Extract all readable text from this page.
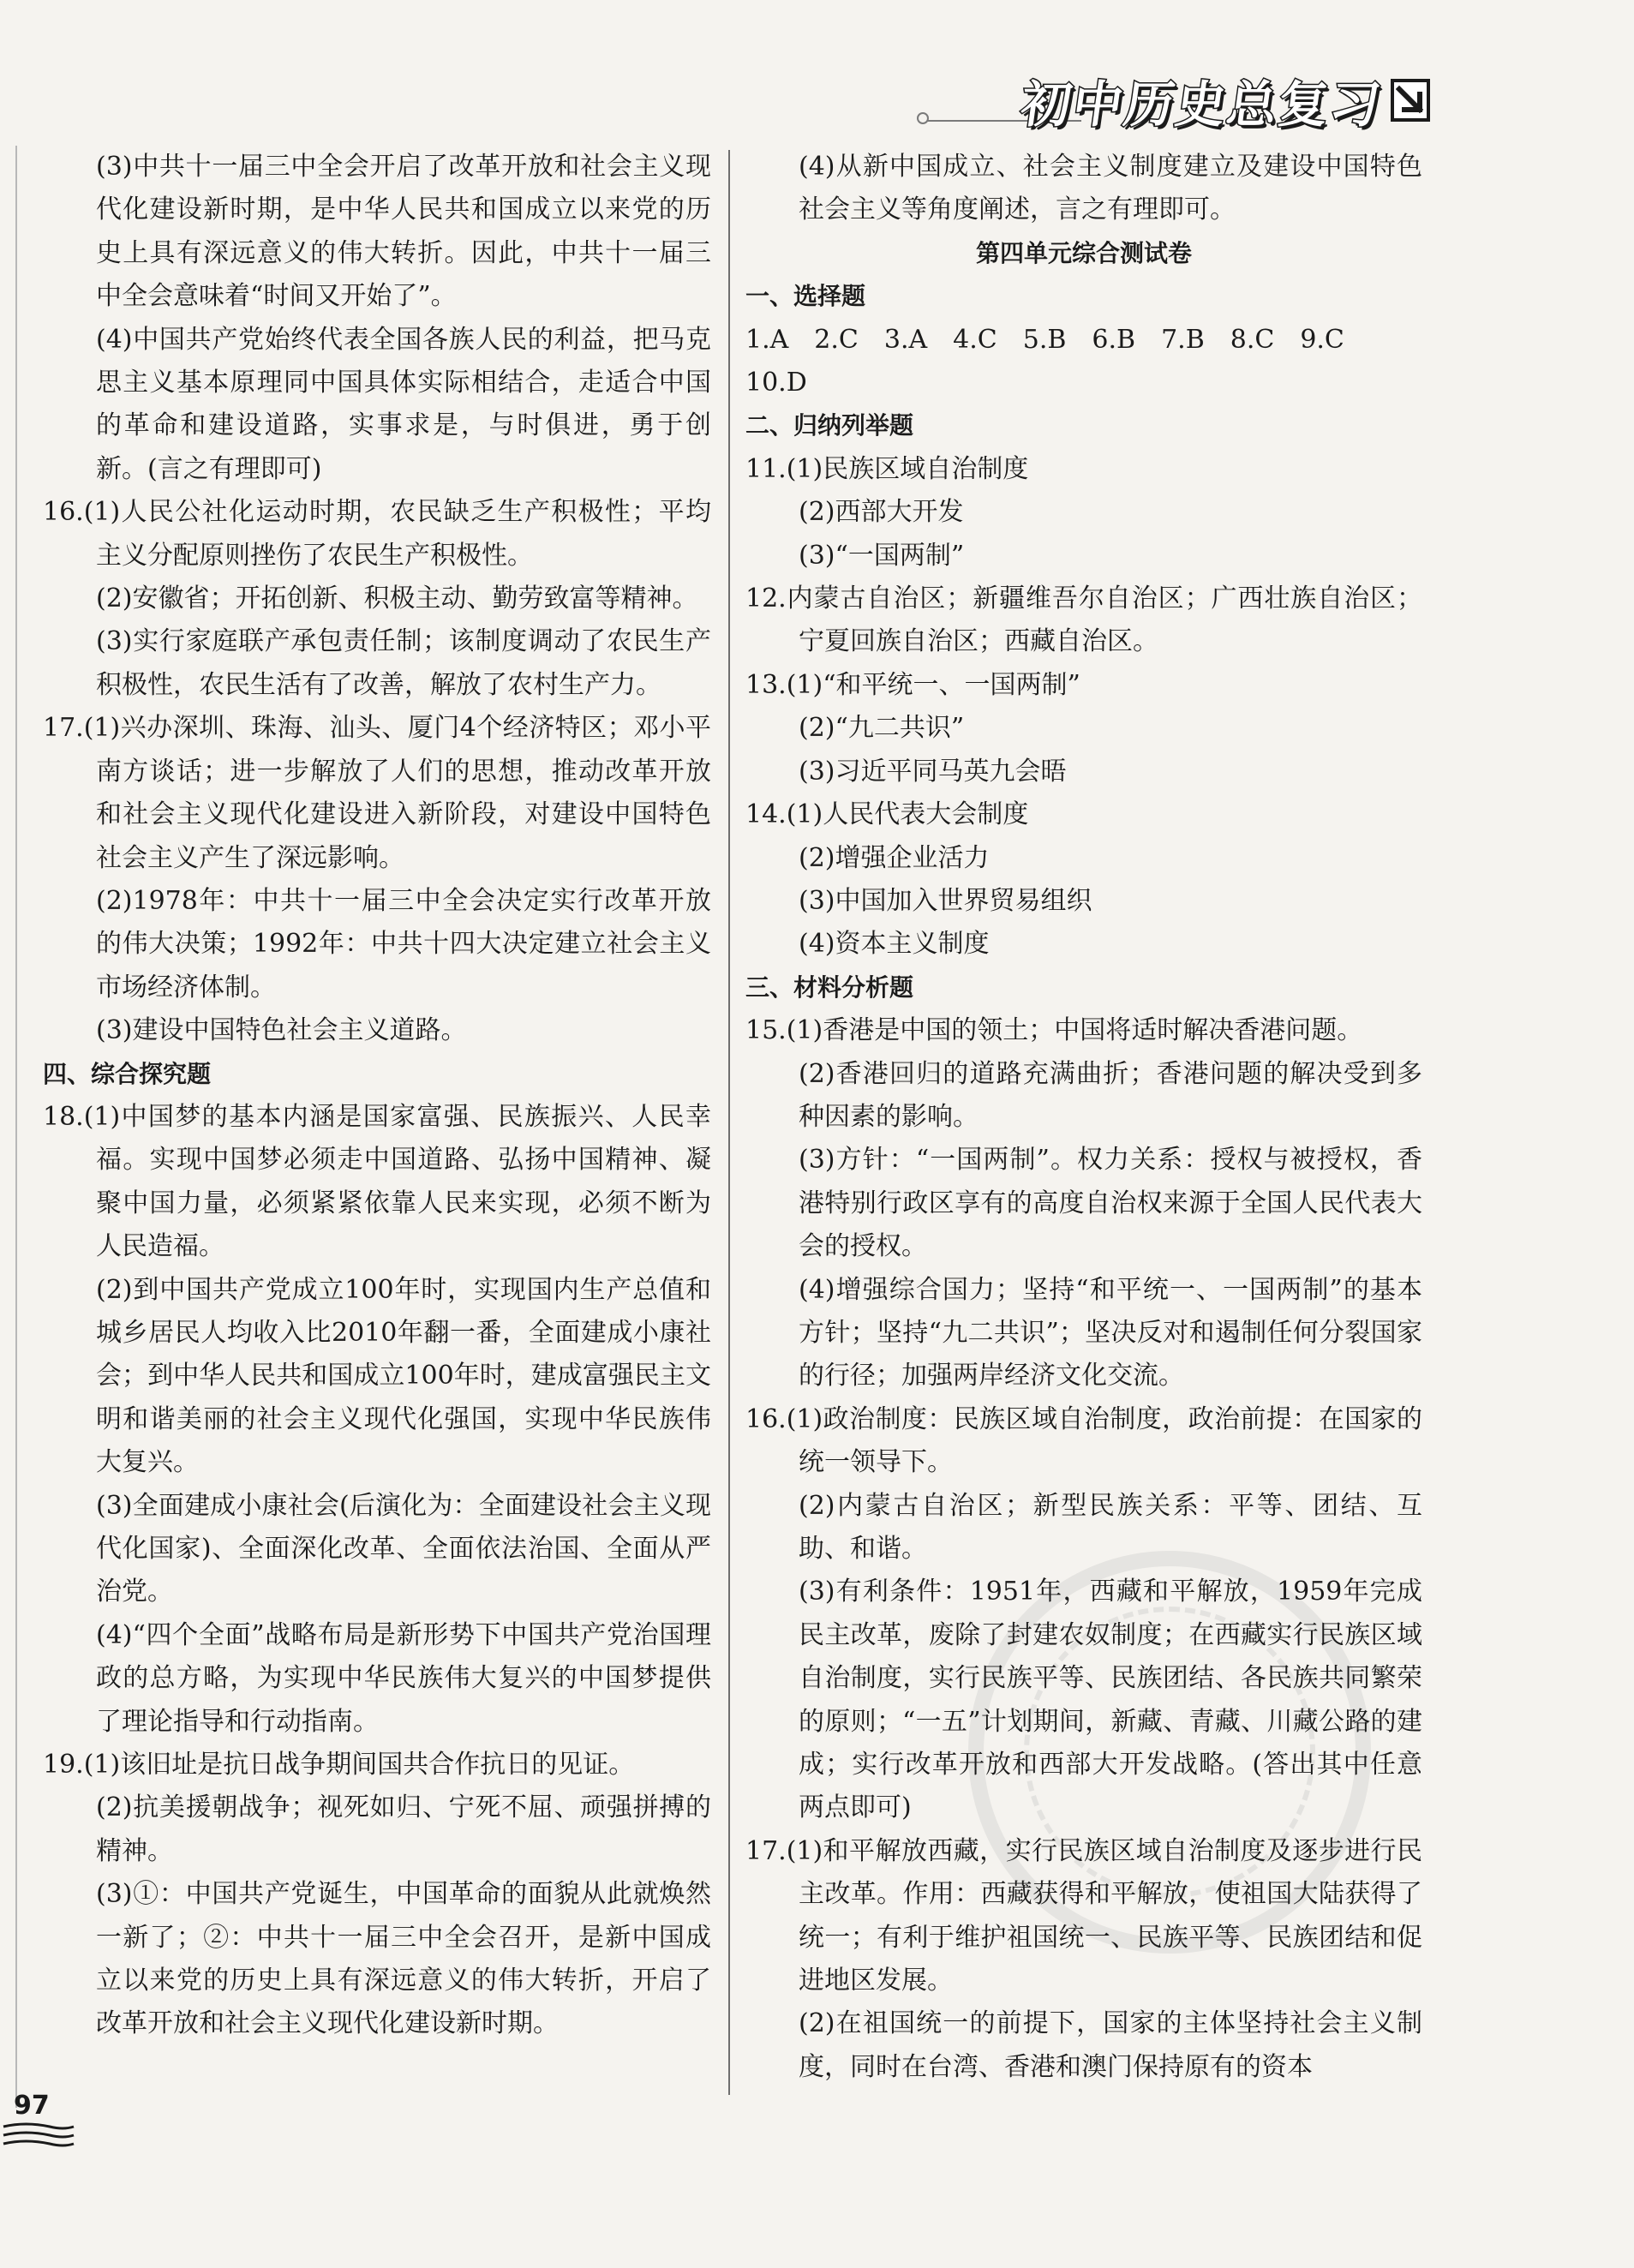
初中历史总复习

(3)中共十一届三中全会开启了改革开放和社会主义现代化建设新时期，是中华人民共和国成立以来党的历史上具有深远意义的伟大转折。因此，中共十一届三中全会意味着“时间又开始了”。

(4)中国共产党始终代表全国各族人民的利益，把马克思主义基本原理同中国具体实际相结合，走适合中国的革命和建设道路，实事求是，与时俱进，勇于创新。(言之有理即可)

16.(1)人民公社化运动时期，农民缺乏生产积极性；平均主义分配原则挫伤了农民生产积极性。

(2)安徽省；开拓创新、积极主动、勤劳致富等精神。

(3)实行家庭联产承包责任制；该制度调动了农民生产积极性，农民生活有了改善，解放了农村生产力。

17.(1)兴办深圳、珠海、汕头、厦门4个经济特区；邓小平南方谈话；进一步解放了人们的思想，推动改革开放和社会主义现代化建设进入新阶段，对建设中国特色社会主义产生了深远影响。

(2)1978年：中共十一届三中全会决定实行改革开放的伟大决策；1992年：中共十四大决定建立社会主义市场经济体制。

(3)建设中国特色社会主义道路。

四、综合探究题

18.(1)中国梦的基本内涵是国家富强、民族振兴、人民幸福。实现中国梦必须走中国道路、弘扬中国精神、凝聚中国力量，必须紧紧依靠人民来实现，必须不断为人民造福。

(2)到中国共产党成立100年时，实现国内生产总值和城乡居民人均收入比2010年翻一番，全面建成小康社会；到中华人民共和国成立100年时，建成富强民主文明和谐美丽的社会主义现代化强国，实现中华民族伟大复兴。

(3)全面建成小康社会(后演化为：全面建设社会主义现代化国家)、全面深化改革、全面依法治国、全面从严治党。

(4)“四个全面”战略布局是新形势下中国共产党治国理政的总方略，为实现中华民族伟大复兴的中国梦提供了理论指导和行动指南。

19.(1)该旧址是抗日战争期间国共合作抗日的见证。

(2)抗美援朝战争；视死如归、宁死不屈、顽强拼搏的精神。

(3)①：中国共产党诞生，中国革命的面貌从此就焕然一新了；②：中共十一届三中全会召开，是新中国成立以来党的历史上具有深远意义的伟大转折，开启了改革开放和社会主义现代化建设新时期。

(4)从新中国成立、社会主义制度建立及建设中国特色社会主义等角度阐述，言之有理即可。

第四单元综合测试卷

一、选择题

1.A　2.C　3.A　4.C　5.B　6.B　7.B　8.C　9.C

10.D

二、归纳列举题

11.(1)民族区域自治制度

(2)西部大开发

(3)“一国两制”

12.内蒙古自治区；新疆维吾尔自治区；广西壮族自治区；宁夏回族自治区；西藏自治区。

13.(1)“和平统一、一国两制”

(2)“九二共识”

(3)习近平同马英九会晤

14.(1)人民代表大会制度

(2)增强企业活力

(3)中国加入世界贸易组织

(4)资本主义制度

三、材料分析题

15.(1)香港是中国的领土；中国将适时解决香港问题。

(2)香港回归的道路充满曲折；香港问题的解决受到多种因素的影响。

(3)方针：“一国两制”。权力关系：授权与被授权，香港特别行政区享有的高度自治权来源于全国人民代表大会的授权。

(4)增强综合国力；坚持“和平统一、一国两制”的基本方针；坚持“九二共识”；坚决反对和遏制任何分裂国家的行径；加强两岸经济文化交流。

16.(1)政治制度：民族区域自治制度，政治前提：在国家的统一领导下。

(2)内蒙古自治区；新型民族关系：平等、团结、互助、和谐。

(3)有利条件：1951年，西藏和平解放，1959年完成民主改革，废除了封建农奴制度；在西藏实行民族区域自治制度，实行民族平等、民族团结、各民族共同繁荣的原则；“一五”计划期间，新藏、青藏、川藏公路的建成；实行改革开放和西部大开发战略。(答出其中任意两点即可)

17.(1)和平解放西藏，实行民族区域自治制度及逐步进行民主改革。作用：西藏获得和平解放，使祖国大陆获得了统一；有利于维护祖国统一、民族平等、民族团结和促进地区发展。

(2)在祖国统一的前提下，国家的主体坚持社会主义制度，同时在台湾、香港和澳门保持原有的资本

97
